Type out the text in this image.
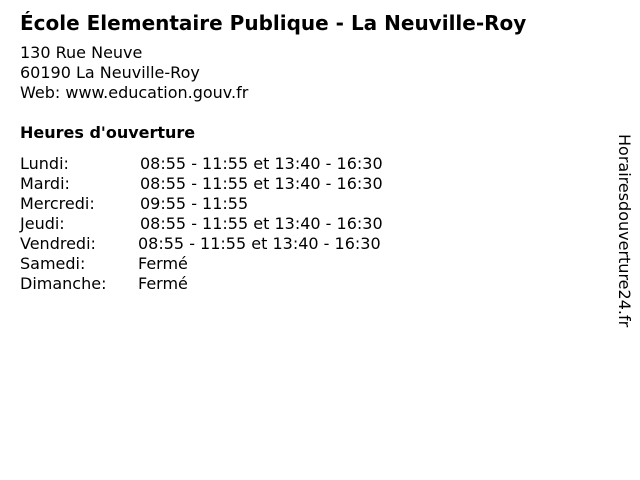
École Elementaire Publique - La Neuville-Roy
130 Rue Neuve
60190 La Neuville-Roy
Web: www.education.gouv.fr
Heures d'ouverture
Lundi:	08:55 - 11:55 et 13:40 - 16:30
Mardi:	08:55 - 11:55 et 13:40 - 16:30
Mercredi:	09:55 - 11:55
Jeudi:	08:55 - 11:55 et 13:40 - 16:30
Vendredi:	08:55 - 11:55 et 13:40 - 16:30
Samedi:	Fermé
Dimanche: Fermé	Horairesdouverture24.fr
